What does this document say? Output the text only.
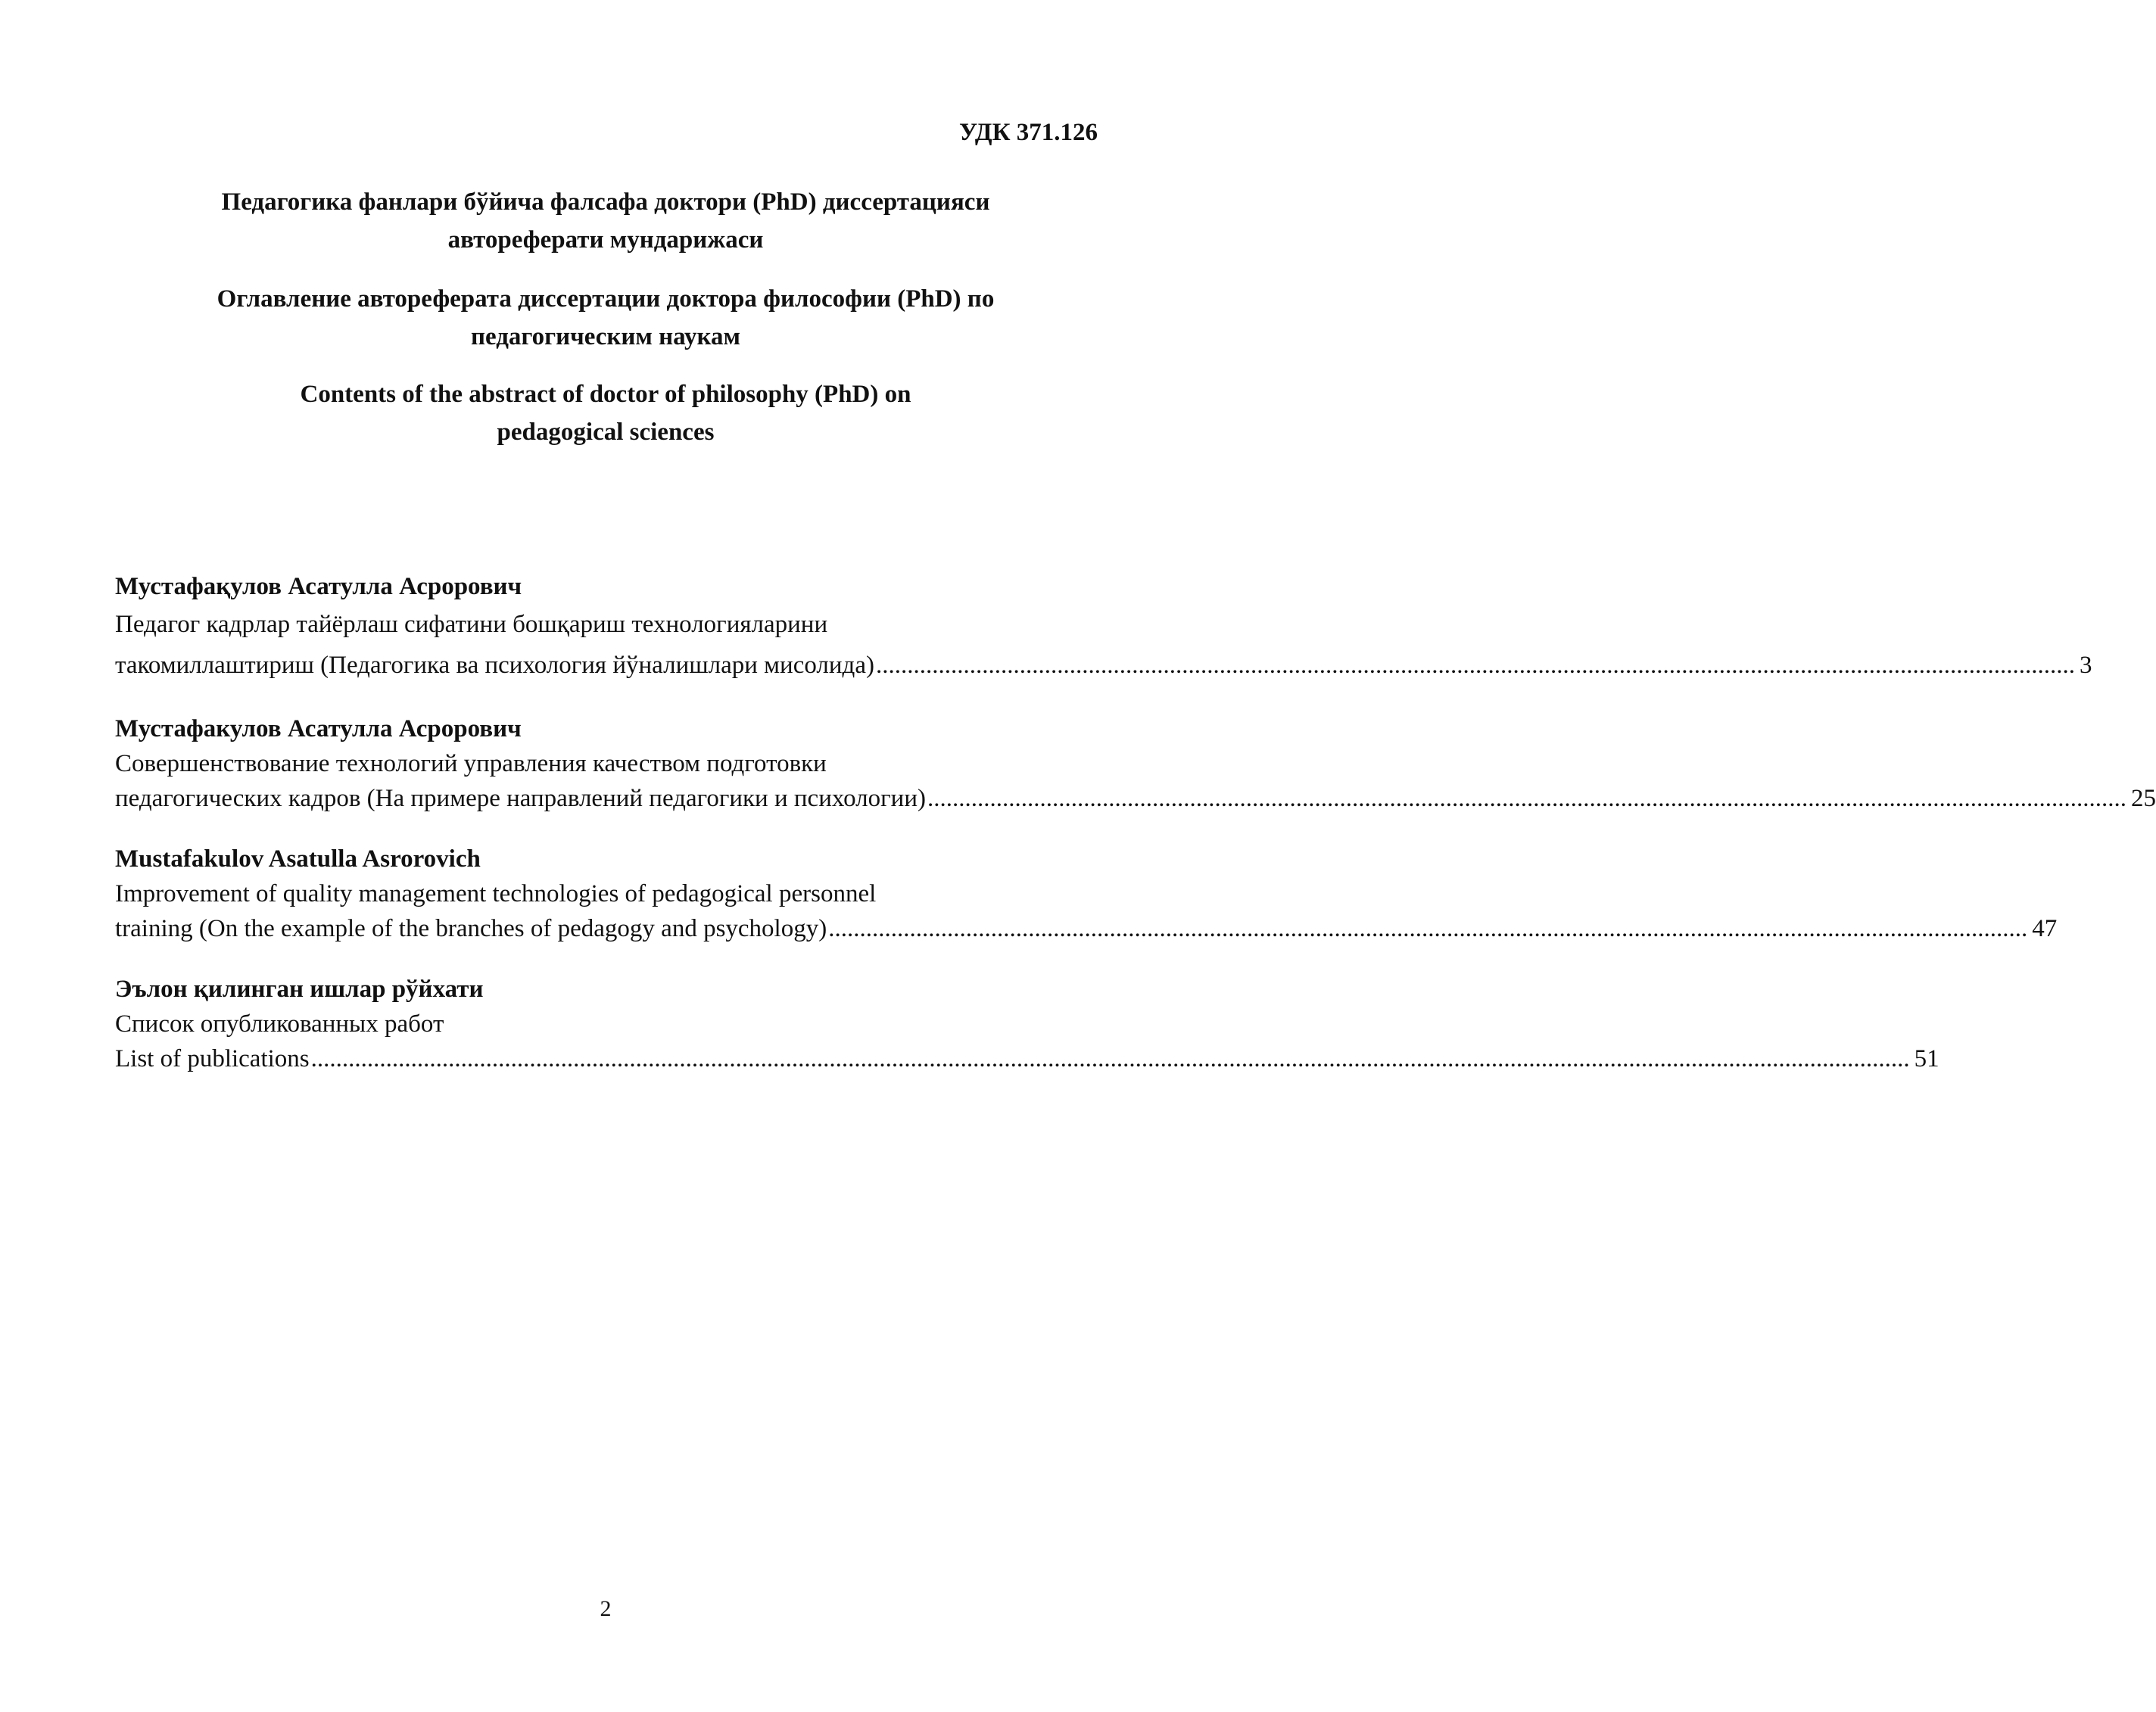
УДК 371.126
Педагогика фанлари бўйича фалсафа доктори (PhD) диссертацияси
автореферати мундарижаси
Оглавление автореферата диссертации доктора философии (PhD) по
педагогическим наукам
Contents of the abstract of doctor of philosophy (PhD) on
pedagogical sciences
Мустафақулов Асатулла Асрорович
Педагог кадрлар тайёрлаш сифатини бошқариш технологияларини
такомиллаштириш (Педагогика ва психология йўналишлари мисолида) ................................................................................................................................................................................................ 3
Мустафакулов Асатулла Асрорович
Совершенствование технологий управления качеством подготовки
педагогических кадров (На примере направлений педагогики и психологии) ................................................................................................................................................................................................ 25
Mustafakulov Asatulla Asrorovich
Improvement of quality management technologies of pedagogical personnel
training (On the example of the branches of pedagogy and psychology) ................................................................................................................................................................................................ 47
Эълон қилинган ишлар рўйхати
Список опубликованных работ
List of publications ................................................................................................................................................................................................................................................................ 51
2
